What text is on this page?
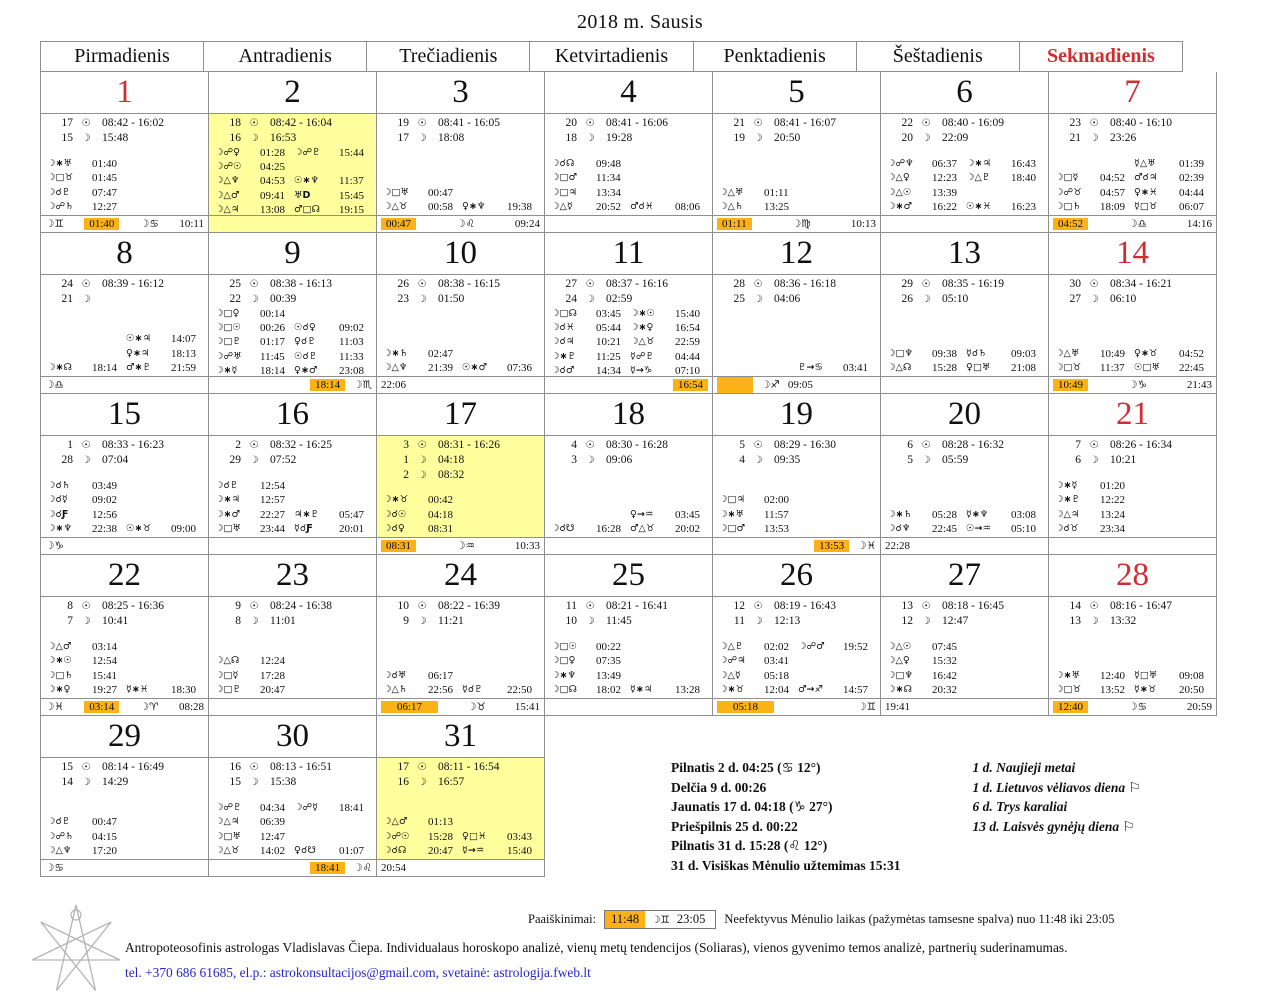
2018 m. Sausis
Pirmadienis	Antradienis	Trečiadienis	Ketvirtadienis	Penktadienis	Šeštadienis	Sekmadienis
1
17 ☉ 08:42 - 16:02
15 ☽ 15:48
☽∗♅	01:40
☽□♉	01:45
☽☌♇	07:47
☽☍♄	12:27
☽♊	01:40	☽♋ 10:11
2
18 ☉ 08:42 - 16:04
16 ☽ 16:53
☽☍♀	01:28 ☽☍♇	15:44
☽☍☉	04:25
☽△♆	04:53 ☉∗♆	11:37
☽△♂	09:41 ♅D	15:45
☽△♃	13:08 ♂□☊	19:15
3
19 ☉ 08:41 - 16:05
17 ☽ 18:08
☽□♅	00:47
☽△♉	00:58 ♀∗♆	19:38
00:47	☽♌	09:24
4
20 ☉ 08:41 - 16:06
18 ☽ 19:28
☽☌☊	09:48
☽□♂	11:34
☽□♃	13:34
☽△☿	20:52 ♂☌♓	08:06
5
21 ☉ 08:41 - 16:07
19 ☽ 20:50
☽△♅	01:11
☽△♄	13:25
01:11	☽♍	10:13
6
22 ☉ 08:40 - 16:09
20 ☽ 22:09
☽☍♆	06:37 ☽∗♃	16:43
☽△♀	12:23 ☽△♇	18:40
☽△☉	13:39
☽∗♂	16:22 ☉∗♓	16:23
7
23 ☉ 08:40 - 16:10
21 ☽ 23:26
☿△♅	01:39
☽□☿	04:52 ♂☌♃	02:39
☽☍♉	04:57 ♀∗♓	04:44
☽□♄	18:09 ☿□♉	06:07
04:52	☽♎	14:16
8
24 ☉ 08:39 - 16:12
21 ☽
☉∗♃	14:07
♀∗♃	18:13
☽∗☊	18:14 ♂∗♇	21:59
☽♎
9
25 ☉ 08:38 - 16:13
22 ☽ 00:39
☽□♀	00:14
☽□☉	00:26 ☉☌♀	09:02
☽□♇	01:17 ♀☌♇	11:03
☽☍♅	11:45 ☉☌♇	11:33
☽∗☿	18:14 ♀∗♂	23:08
18:14	☽♏
10
26 ☉ 08:38 - 16:15
23 ☽ 01:50
☽∗♄	02:47
☽△♆	21:39 ☉∗♂	07:36
22:06
11
27 ☉ 08:37 - 16:16
24 ☽ 02:59
☽□☊	03:45 ☽∗☉	15:40
☽☌♓	05:44 ☽∗♀	16:54
☽☌♃	10:21 ☽△♉	22:59
☽∗♇	11:25 ☿☍♇	04:44
☽☌♂	14:34 ☿→♑	07:10
16:54
12
28 ☉ 08:36 - 16:18
25 ☽ 04:06
♇→♋	03:41
☽♐ 09:05
13
29 ☉ 08:35 - 16:19
26 ☽ 05:10
☽□♆	09:38 ☿☌♄	09:03
☽△☊	15:28 ♀□♅	21:08
14
30 ☉ 08:34 - 16:21
27 ☽ 06:10
☽△♅	10:49 ♀∗♉	04:52
☽□♉	11:37 ☉□♅	22:45
10:49	☽♑	21:43
15
1 ☉ 08:33 - 16:23
28 ☽ 07:04
☽☌♄	03:49
☽☌☿	09:02
☽☌Ƒ	12:56
☽∗♆	22:38 ☉∗♉	09:00
☽♑
16
2 ☉ 08:32 - 16:25
29 ☽ 07:52
☽☌♇	12:54
☽∗♃	12:57
☽∗♂	22:27 ♃∗♇	05:47
☽□♅	23:44 ☿☌Ƒ	20:01
17
3 ☉ 08:31 - 16:26
1 ☽ 04:18
2 ☽ 08:32
☽∗♉	00:42
☽☌☉	04:18
☽☌♀	08:31
08:31	☽♒	10:33
18
4 ☉ 08:30 - 16:28
3 ☽ 09:06
♀→♒	03:45
☽☌☋	16:28 ♂△♉	20:02
19
5 ☉ 08:29 - 16:30
4 ☽ 09:35
☽□♃	02:00
☽∗♅	11:57
☽□♂	13:53
13:53	☽♓
20
6 ☉ 08:28 - 16:32
5 ☽ 05:59
☽∗♄	05:28 ☿∗♆	03:08
☽☌♆	22:45 ☉→♒	05:10
22:28
21
7 ☉ 08:26 - 16:34
6 ☽ 10:21
☽∗☿	01:20
☽∗♇	12:22
☽△♃	13:24
☽☌♉	23:34
22
8 ☉ 08:25 - 16:36
7 ☽ 10:41
☽△♂	03:14
☽∗☉	12:54
☽□♄	15:41
☽∗♀	19:27 ☿∗♓	18:30
☽♓	03:14	☽♈ 08:28
23
9 ☉ 08:24 - 16:38
8 ☽ 11:01
☽△☊	12:24
☽□☿	17:28
☽□♇	20:47
24
10 ☉ 08:22 - 16:39
9 ☽ 11:21
☽☌♅	06:17
☽△♄	22:56 ☿☌♇	22:50
06:17	☽♉	15:41
25
11 ☉ 08:21 - 16:41
10 ☽ 11:45
☽□☉	00:22
☽□♀	07:35
☽∗♆	13:49
☽□☊	18:02 ☿∗♃	13:28
26
12 ☉ 08:19 - 16:43
11 ☽ 12:13
☽△♇	02:02 ☽☍♂	19:52
☽☍♃	03:41
☽△☿	05:18
☽∗♉	12:04 ♂→♐	14:57
05:18	☽♊
27
13 ☉ 08:18 - 16:45
12 ☽ 12:47
☽△☉	07:45
☽△♀	15:32
☽□♆	16:42
☽∗☊	20:32
19:41
28
14 ☉ 08:16 - 16:47
13 ☽ 13:32
☽∗♅	12:40 ☿□♅	09:08
☽□♉	13:52 ☿∗♉	20:50
12:40	☽♋	20:59
29
15 ☉ 08:14 - 16:49
14 ☽ 14:29
☽☌♇	00:47
☽☍♄	04:15
☽△♆	17:20
☽♋
30
16 ☉ 08:13 - 16:51
15 ☽ 15:38
☽☍♇	04:34 ☽☍☿	18:41
☽△♃	06:39
☽□♅	12:47
☽△♉	14:02 ♀☌☋	01:07
18:41	☽♌
31
17 ☉ 08:11 - 16:54
16 ☽ 16:57
☽△♂	01:13
☽☍☉	15:28 ♀□♓	03:43
☽☌☊	20:47 ☿→♒	15:40
20:54
Pilnatis 2 d. 04:25 (♋ 12°)
Delčia 9 d. 00:26
Jaunatis 17 d. 04:18 (♑ 27°)
Priešpilnis 25 d. 00:22
Pilnatis 31 d. 15:28 (♌ 12°)
31 d. Visiškas Mėnulio užtemimas 15:31
1 d. Naujieji metai
1 d. Lietuvos vėliavos diena ⚐
6 d. Trys karaliai
13 d. Laisvės gynėjų diena ⚐
Paaiškinimai:	11:48	☽♊ 23:05	Neefektyvus Mėnulio laikas (pažymėtas tamsesne spalva) nuo 11:48 iki 23:05
Antropoteosofinis astrologas Vladislavas Čiepa. Individualaus horoskopo analizė, vienų metų tendencijos (Soliaras), vienos gyvenimo temos analizė, partnerių suderinamumas.
tel. +370 686 61685, el.p.: astrokonsultacijos@gmail.com, svetainė: astrologija.fweb.lt
